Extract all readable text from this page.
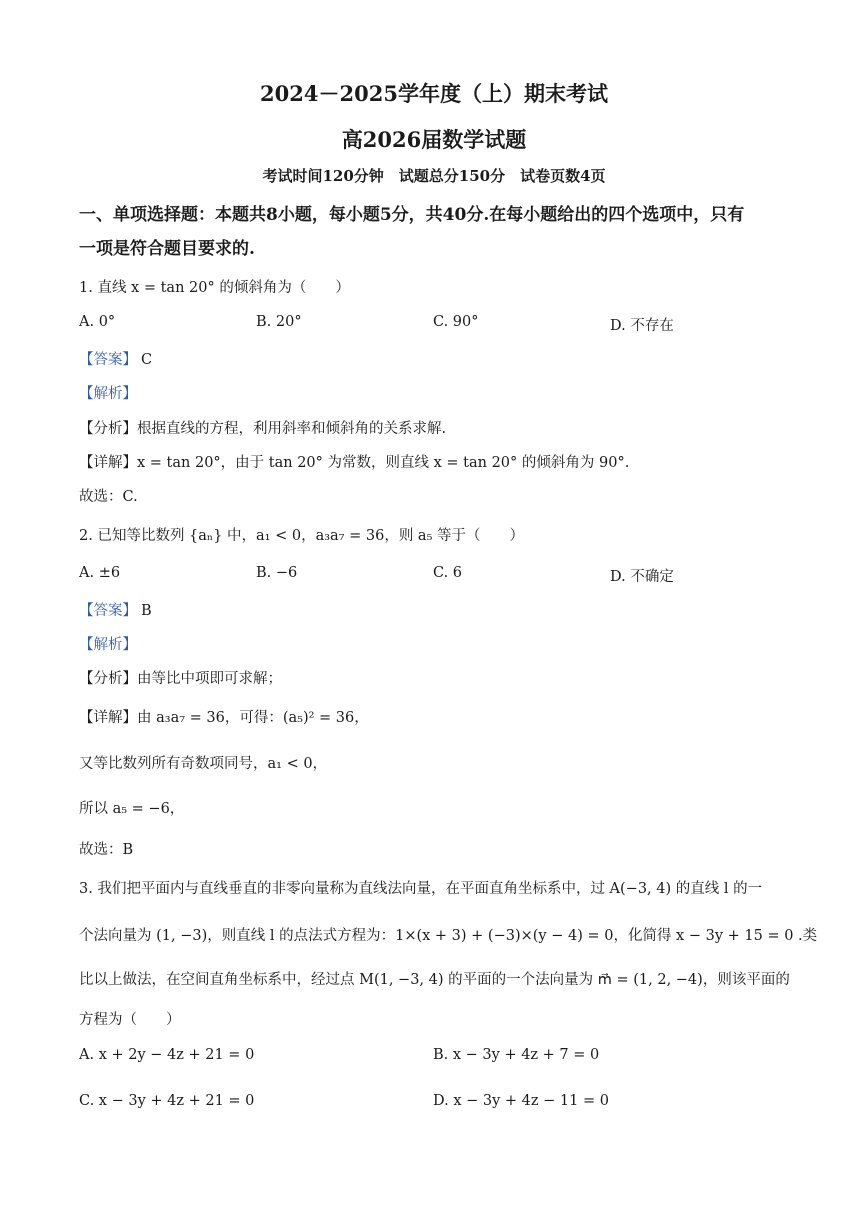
2024－2025学年度（上）期末考试
高2026届数学试题
考试时间120分钟　试题总分150分　试卷页数4页
一、单项选择题：本题共8小题，每小题5分，共40分.在每小题给出的四个选项中，只有
一项是符合题目要求的.
1. 直线 x = tan 20° 的倾斜角为（　　）
A. 0°	B. 20°	C. 90°	D. 不存在
【答案】 C
【解析】
【分析】根据直线的方程，利用斜率和倾斜角的关系求解.
【详解】x = tan 20°，由于 tan 20° 为常数，则直线 x = tan 20° 的倾斜角为 90°.
故选：C.
2. 已知等比数列 {aₙ} 中，a₁ < 0，a₃a₇ = 36，则 a₅ 等于（　　）
A. ±6	B. −6	C. 6	D. 不确定
【答案】 B
【解析】
【分析】由等比中项即可求解；
【详解】由 a₃a₇ = 36，可得：(a₅)² = 36，
又等比数列所有奇数项同号，a₁ < 0，
所以 a₅ = −6，
故选：B
3. 我们把平面内与直线垂直的非零向量称为直线法向量，在平面直角坐标系中，过 A(−3, 4) 的直线 l 的一
个法向量为 (1, −3)，则直线 l 的点法式方程为：1×(x + 3) + (−3)×(y − 4) = 0，化简得 x − 3y + 15 = 0 .类
比以上做法，在空间直角坐标系中，经过点 M(1, −3, 4) 的平面的一个法向量为 m⃗ = (1, 2, −4)，则该平面的
方程为（　　）
A. x + 2y − 4z + 21 = 0	B. x − 3y + 4z + 7 = 0
C. x − 3y + 4z + 21 = 0	D. x − 3y + 4z − 11 = 0
